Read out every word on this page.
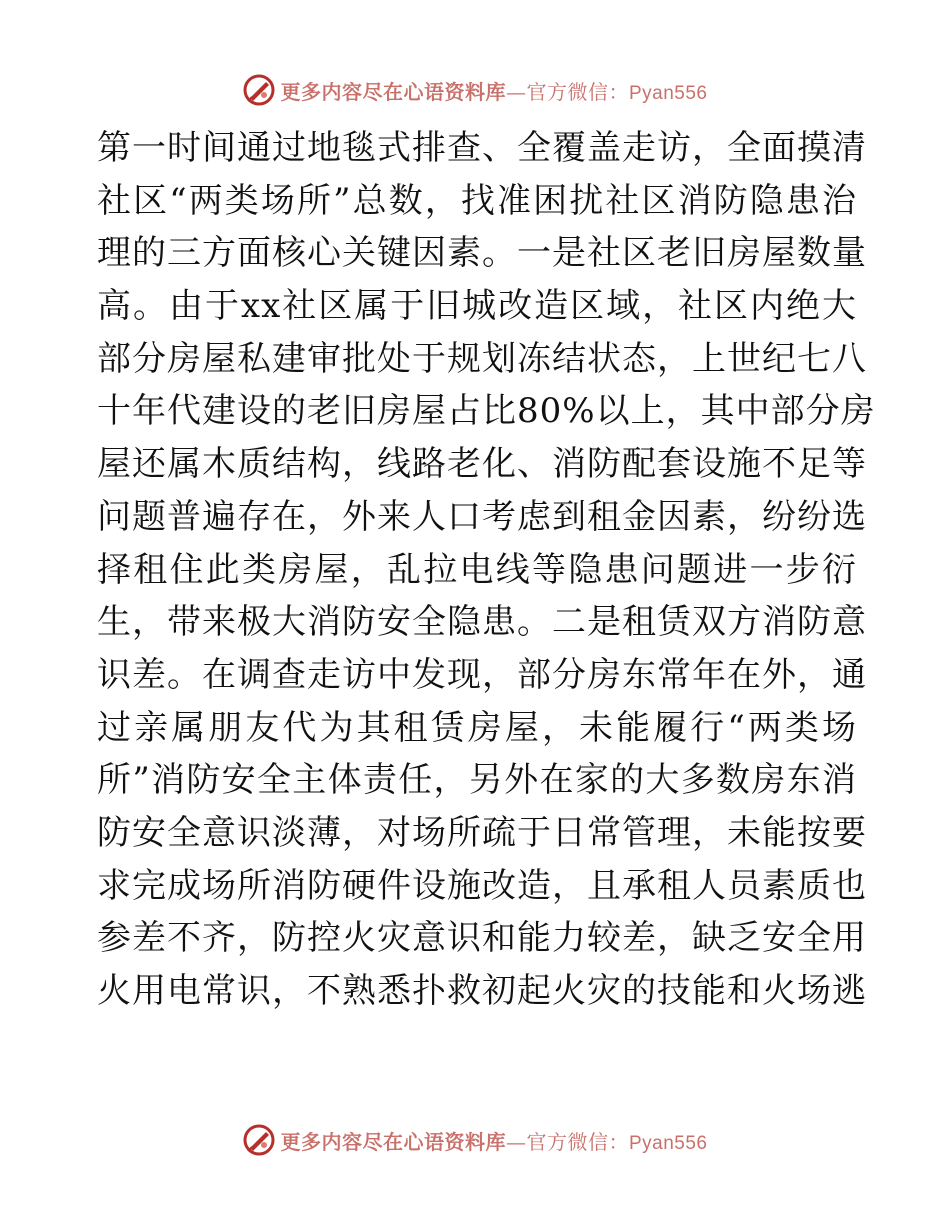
更多内容尽在心语资料库—官方微信：Pyan556
第一时间通过地毯式排查、全覆盖走访，全面摸清
社区“两类场所”总数，找准困扰社区消防隐患治
理的三方面核心关键因素。一是社区老旧房屋数量
高。由于xx社区属于旧城改造区域，社区内绝大
部分房屋私建审批处于规划冻结状态，上世纪七八
十年代建设的老旧房屋占比80%以上，其中部分房
屋还属木质结构，线路老化、消防配套设施不足等
问题普遍存在，外来人口考虑到租金因素，纷纷选
择租住此类房屋，乱拉电线等隐患问题进一步衍
生，带来极大消防安全隐患。二是租赁双方消防意
识差。在调查走访中发现，部分房东常年在外，通
过亲属朋友代为其租赁房屋，未能履行“两类场
所”消防安全主体责任，另外在家的大多数房东消
防安全意识淡薄，对场所疏于日常管理，未能按要
求完成场所消防硬件设施改造，且承租人员素质也
参差不齐，防控火灾意识和能力较差，缺乏安全用
火用电常识，不熟悉扑救初起火灾的技能和火场逃
更多内容尽在心语资料库—官方微信：Pyan556
